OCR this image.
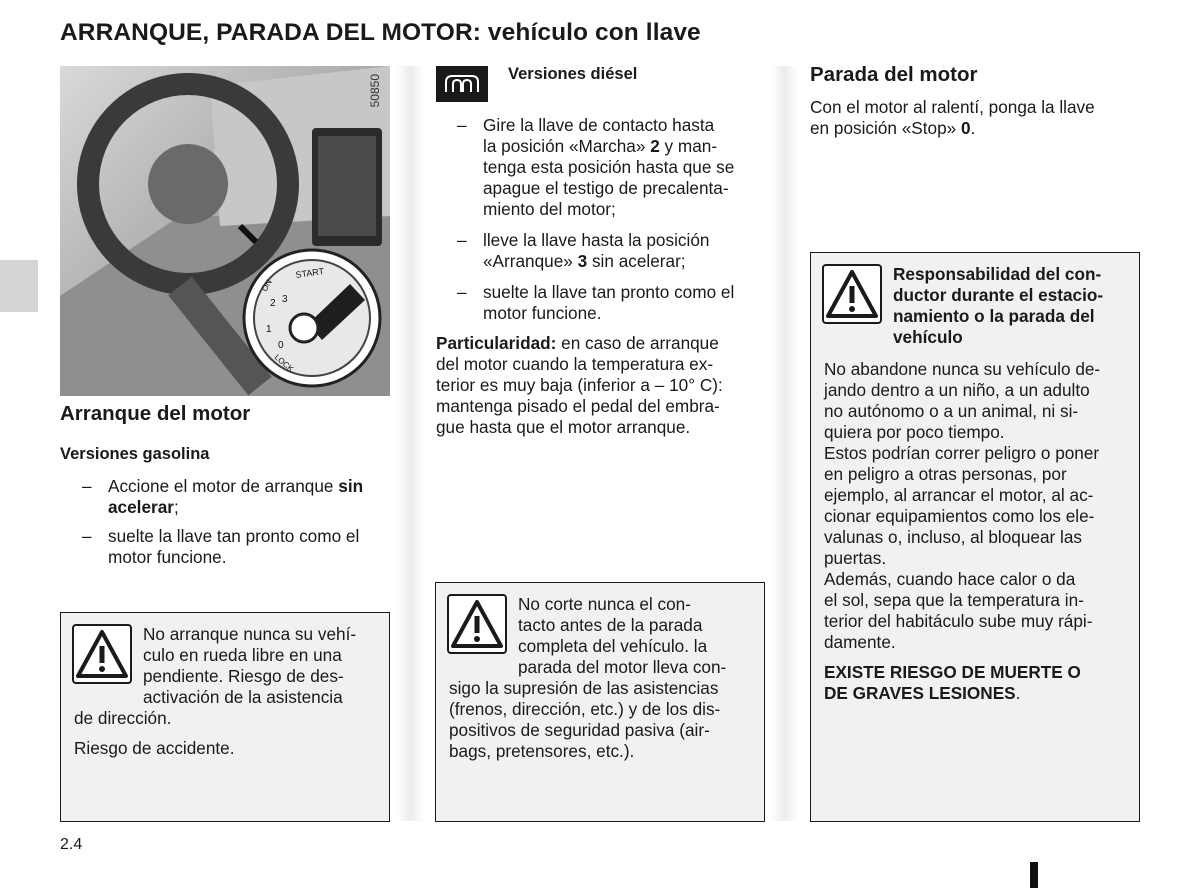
ARRANQUE, PARADA DEL MOTOR: vehículo con llave
START
3
ON
2
1
0
LOCK
50850
Arranque del motor
Versiones gasolina
– Accione el motor de arranque sin
acelerar;
– suelte la llave tan pronto como el
motor funcione.
No arranque nunca su vehí-
culo en rueda libre en una
pendiente. Riesgo de des-
activación de la asistencia
de dirección.
Riesgo de accidente.
2.4
Versiones diésel
– Gire la llave de contacto hasta
la posición «Marcha» 2 y man-
tenga esta posición hasta que se
apague el testigo de precalenta-
miento del motor;
– lleve la llave hasta la posición
«Arranque» 3 sin acelerar;
– suelte la llave tan pronto como el
motor funcione.
Particularidad: en caso de arranque
del motor cuando la temperatura ex-
terior es muy baja (inferior a – 10° C):
mantenga pisado el pedal del embra-
gue hasta que el motor arranque.
No corte nunca el con-
tacto antes de la parada
completa del vehículo. la
parada del motor lleva con-
sigo la supresión de las asistencias
(frenos, dirección, etc.) y de los dis-
positivos de seguridad pasiva (air-
bags, pretensores, etc.).
Parada del motor
Con el motor al ralentí, ponga la llave
en posición «Stop» 0.
Responsabilidad del con-
ductor durante el estacio-
namiento o la parada del
vehículo
No abandone nunca su vehículo de-
jando dentro a un niño, a un adulto
no autónomo o a un animal, ni si-
quiera por poco tiempo.
Estos podrían correr peligro o poner
en peligro a otras personas, por
ejemplo, al arrancar el motor, al ac-
cionar equipamientos como los ele-
valunas o, incluso, al bloquear las
puertas.
Además, cuando hace calor o da
el sol, sepa que la temperatura in-
terior del habitáculo sube muy rápi-
damente.
EXISTE RIESGO DE MUERTE O
DE GRAVES LESIONES.
